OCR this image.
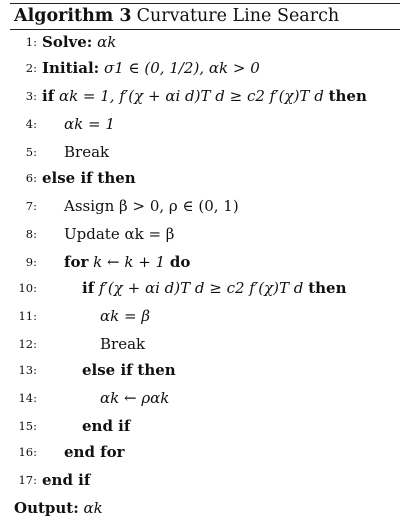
Algorithm 3 Curvature Line Search
1: Solve: αk
2: Initial: σ1 ∈ (0, 1/2), αk > 0
3: if αk = 1, f′(χ + αi d)T d ≥ c2 f′(χ)T d then
4: αk = 1
5: Break
6: else if then
7: Assign β > 0, ρ ∈ (0, 1)
8: Update αk = β
9: for k ← k + 1 do
10:	if f′(χ + αi d)T d ≥ c2 f′(χ)T d then
11:	αk = β
12:	Break
13:	else if then
14:	αk ← ραk
15:	end if
16: end for
17: end if
Output: αk
